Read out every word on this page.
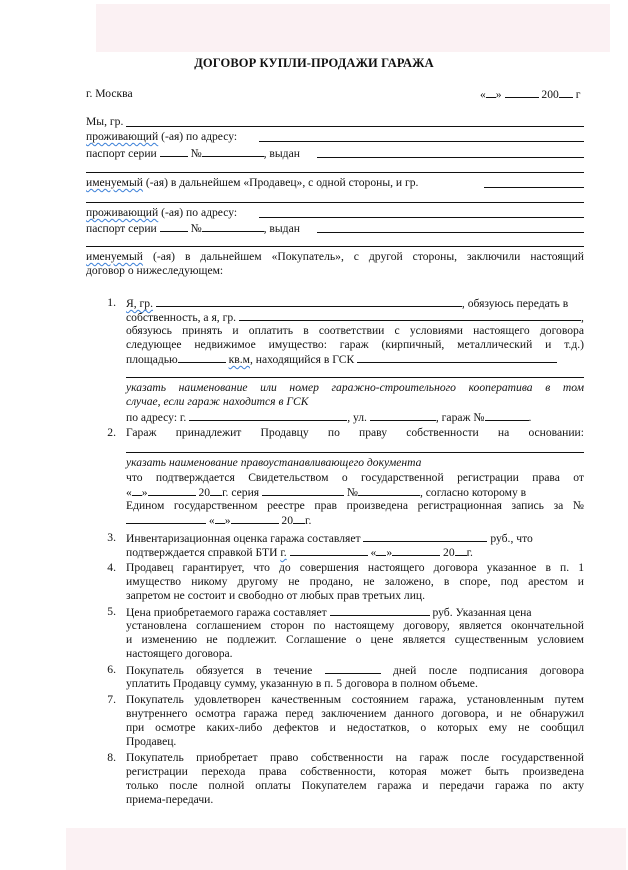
ДОГОВОР КУПЛИ-ПРОДАЖИ ГАРАЖА
г. Москва	« »	200 г
Мы, гр.
проживающий (-ая) по адресу:
паспорт серии	№	, выдан
именуемый (-ая) в дальнейшем «Продавец», с одной стороны, и гр.
проживающий (-ая) по адресу:
паспорт серии	№	, выдан
именуемый (-ая) в дальнейшем «Покупатель», с другой стороны, заключили настоящий
договор о нижеследующем:
1. Я, гр.	, обязуюсь передать в
собственность, а я, гр.	,
обязуюсь принять и оплатить в соответствии с условиями настоящего договора
следующее недвижимое имущество: гараж (кирпичный, металлический и т.д.)
площадью	кв.м, находящийся в ГСК
указать наименование или номер гаражно-строительного кооператива в том
случае, если гараж находится в ГСК
по адресу: г.	, ул.	, гараж №	.
2. Гараж принадлежит Продавцу по праву собственности на основании:
указать наименование правоустанавливающего документа
что подтверждается Свидетельством о государственной регистрации права от
« »	20 г. серия	№	, согласно которому в
Едином государственном реестре прав произведена регистрационная запись за №
« »	20 г.
3. Инвентаризационная оценка гаража составляет	руб., что
подтверждается справкой БТИ г.	« »	20 г.
4. Продавец гарантирует, что до совершения настоящего договора указанное в п. 1
имущество никому другому не продано, не заложено, в споре, под арестом и
запретом не состоит и свободно от любых прав третьих лиц.
5. Цена приобретаемого гаража составляет	руб. Указанная цена
установлена соглашением сторон по настоящему договору, является окончательной
и изменению не подлежит. Соглашение о цене является существенным условием
настоящего договора.
6. Покупатель обязуется в течение	дней после подписания договора
уплатить Продавцу сумму, указанную в п. 5 договора в полном объеме.
7. Покупатель удовлетворен качественным состоянием гаража, установленным путем
внутреннего осмотра гаража перед заключением данного договора, и не обнаружил
при осмотре каких-либо дефектов и недостатков, о которых ему не сообщил
Продавец.
8. Покупатель приобретает право собственности на гараж после государственной
регистрации перехода права собственности, которая может быть произведена
только после полной оплаты Покупателем гаража и передачи гаража по акту
приема-передачи.
